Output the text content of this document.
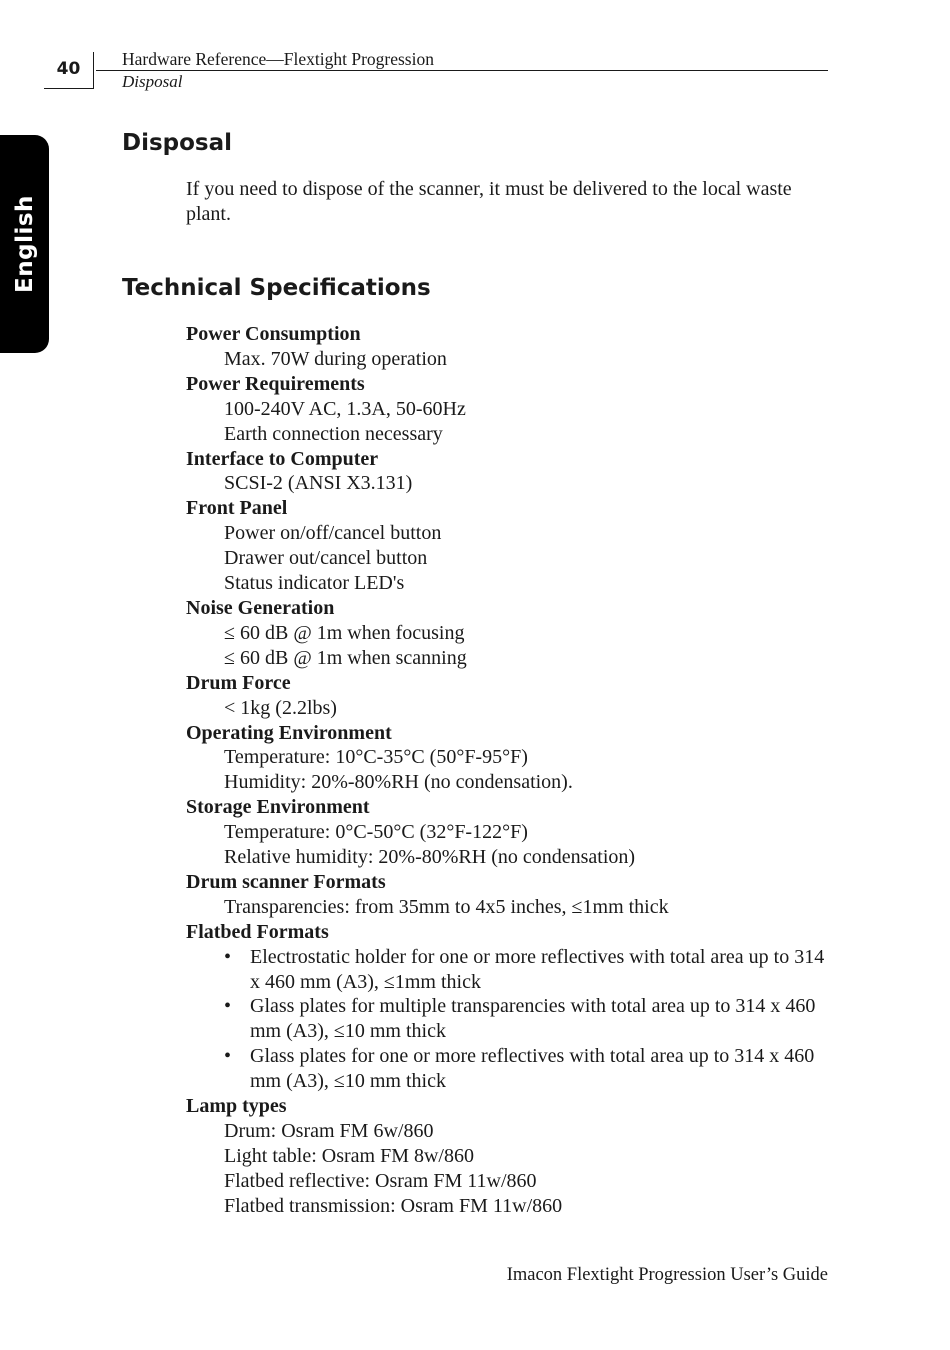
40	Hardware Reference—Flextight Progression
Disposal
English
Disposal

If you need to dispose of the scanner, it must be delivered to the local waste plant.

Technical Specifications
Power Consumption
Max. 70W during operation
Power Requirements
100-240V AC, 1.3A, 50-60Hz
Earth connection necessary
Interface to Computer
SCSI-2 (ANSI X3.131)
Front Panel
Power on/off/cancel button
Drawer out/cancel button
Status indicator LED's
Noise Generation
≤ 60 dB @ 1m when focusing
≤ 60 dB @ 1m when scanning
Drum Force
< 1kg (2.2lbs)
Operating Environment
Temperature: 10°C-35°C (50°F-95°F)
Humidity: 20%-80%RH (no condensation).
Storage Environment
Temperature: 0°C-50°C (32°F-122°F)
Relative humidity: 20%-80%RH (no condensation)
Drum scanner Formats
Transparencies: from 35mm to 4x5 inches, ≤1mm thick
Flatbed Formats
• Electrostatic holder for one or more reflectives with total area up to 314 x 460 mm (A3), ≤1mm thick
• Glass plates for multiple transparencies with total area up to 314 x 460 mm (A3), ≤10 mm thick
• Glass plates for one or more reflectives with total area up to 314 x 460 mm (A3), ≤10 mm thick
Lamp types
Drum: Osram FM 6w/860
Light table: Osram FM 8w/860
Flatbed reflective: Osram FM 11w/860
Flatbed transmission: Osram FM 11w/860
Imacon Flextight Progression User’s Guide
